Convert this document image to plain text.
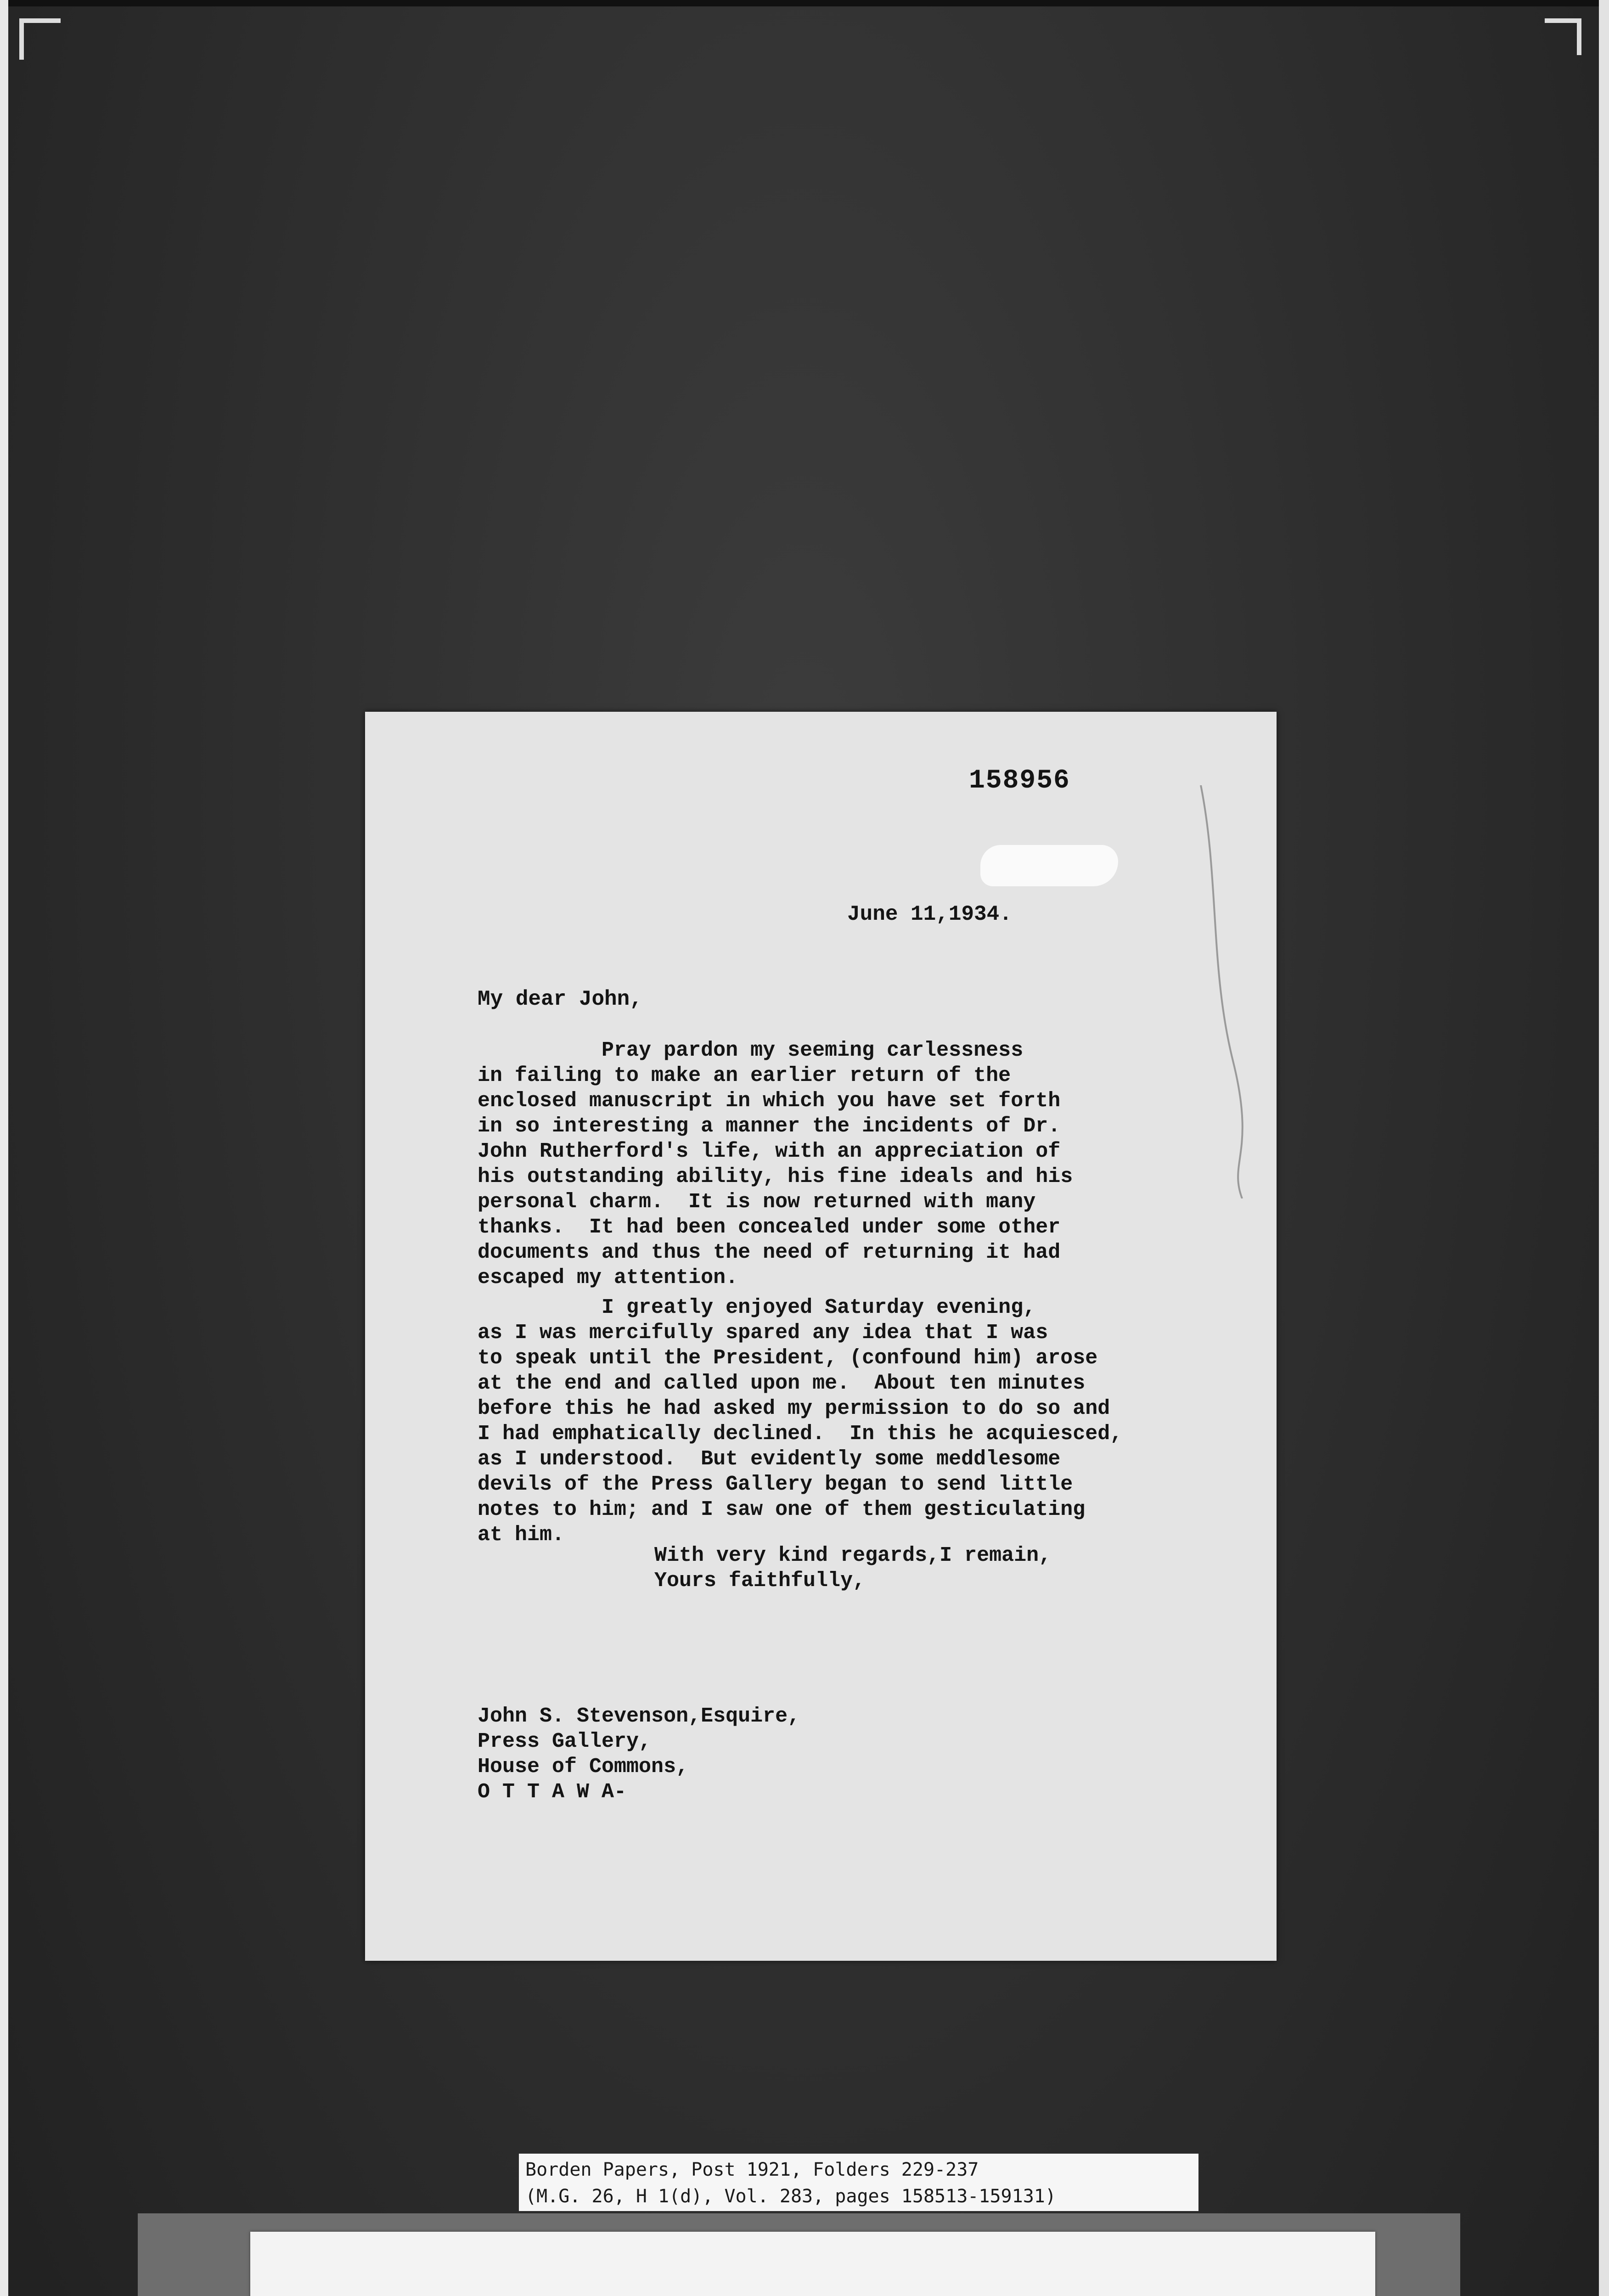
158956
June 11,1934.
My dear John,
Pray pardon my seeming carlessness
in failing to make an earlier return of the
enclosed manuscript in which you have set forth
in so interesting a manner the incidents of Dr.
John Rutherford's life, with an appreciation of
his outstanding ability, his fine ideals and his
personal charm.  It is now returned with many
thanks.  It had been concealed under some other
documents and thus the need of returning it had
escaped my attention.
I greatly enjoyed Saturday evening,
as I was mercifully spared any idea that I was
to speak until the President, (confound him) arose
at the end and called upon me.  About ten minutes
before this he had asked my permission to do so and
I had emphatically declined.  In this he acquiesced,
as I understood.  But evidently some meddlesome
devils of the Press Gallery began to send little
notes to him; and I saw one of them gesticulating
at him.
With very kind regards,I remain,
Yours faithfully,
John S. Stevenson,Esquire,
Press Gallery,
House of Commons,
O T T A W A-
Borden Papers, Post 1921, Folders 229-237
(M.G. 26, H 1(d), Vol. 283, pages 158513-159131)
